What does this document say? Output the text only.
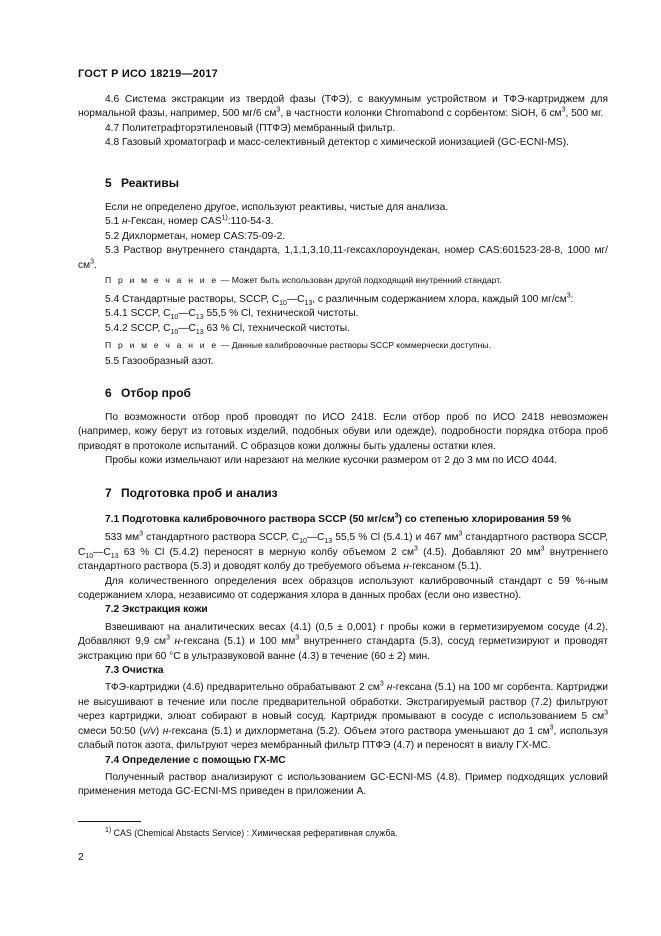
ГОСТ Р ИСО 18219—2017

4.6 Система экстракции из твердой фазы (ТФЭ), с вакуумным устройством и ТФЭ-картриджем для нормальной фазы, например, 500 мг/6 $см^3$, в частности колонки Chromabond с сорбентом: SiOH, 6 $см^3$, 500 мг.

4.7 Политетрафторэтиленовый (ПТФЭ) мембранный фильтр.

4.8 Газовый хроматограф и масс-селективный детектор с химической ионизацией (GC-ECNI-MS).

5 Реактивы

Если не определено другое, используют реактивы, чистые для анализа.

5.1 н-Гексан, номер CAS$^{1)}$:110-54-3.

5.2 Дихлорметан, номер CAS:75-09-2.

5.3 Раствор внутреннего стандарта, 1,1,1,3,10,11-гексахлороундекан, номер CAS:601523-28-8, 1000 $мг/см^3$.

П р и м е ч а н и е — Может быть использован другой подходящий внутренний стандарт.

5.4 Стандартные растворы, SCCP, $C_{10}—C_{13}$, с различным содержанием хлора, каждый 100 $мг/см^3$:

5.4.1 SCCP, $C_{10}—C_{13}$ 55,5 % Cl, технической чистоты.

5.4.2 SCCP, $C_{10}—C_{13}$ 63 % Cl, технической чистоты.

П р и м е ч а н и е — Данные калибровочные растворы SCCP коммерчески доступны.

5.5 Газообразный азот.

6 Отбор проб

По возможности отбор проб проводят по ИСО 2418. Если отбор проб по ИСО 2418 невозможен (например, кожу берут из готовых изделий, подобных обуви или одежде), подробности порядка отбора проб приводят в протоколе испытаний. С образцов кожи должны быть удалены остатки клея.

Пробы кожи измельчают или нарезают на мелкие кусочки размером от 2 до 3 мм по ИСО 4044.

7 Подготовка проб и анализ

7.1 Подготовка калибровочного раствора SCCP (50 $мг/см^3$) со степенью хлорирования 59 %

533 $мм^3$ стандартного раствора SCCP, $C_{10}—C_{13}$ 55,5 % Cl (5.4.1) и 467 $мм^3$ стандартного раствора SCCP, $C_{10}—C_{13}$ 63 % Cl (5.4.2) переносят в мерную колбу объемом 2 $см^3$ (4.5). Добавляют 20 $мм^3$ внутреннего стандартного раствора (5.3) и доводят колбу до требуемого объема н-гексаном (5.1).

Для количественного определения всех образцов используют калибровочный стандарт с 59 %-ным содержанием хлора, независимо от содержания хлора в данных пробах (если оно известно).

7.2 Экстракция кожи

Взвешивают на аналитических весах (4.1) (0,5 ± 0,001) г пробы кожи в герметизируемом сосуде (4.2). Добавляют 9,9 $см^3$ н-гексана (5.1) и 100 $мм^3$ внутреннего стандарта (5.3), сосуд герметизируют и проводят экстракцию при 60 °С в ультразвуковой ванне (4.3) в течение (60 ± 2) мин.

7.3 Очистка

ТФЭ-картриджи (4.6) предварительно обрабатывают 2 $см^3$ н-гексана (5.1) на 100 мг сорбента. Картриджи не высушивают в течение или после предварительной обработки. Экстрагируемый раствор (7.2) фильтруют через картриджи, элюат собирают в новый сосуд. Картридж промывают в сосуде с использованием 5 $см^3$ смеси 50:50 (v/v) н-гексана (5.1) и дихлорметана (5.2). Объем этого раствора уменьшают до 1 $см^3$, используя слабый поток азота, фильтруют через мембранный фильтр ПТФЭ (4.7) и переносят в виалу ГХ-МС.

7.4 Определение с помощью ГХ-МС

Полученный раствор анализируют с использованием GC-ECNI-MS (4.8). Пример подходящих условий применения метода GC-ECNI-MS приведен в приложении А.

$^{1)}$ CAS (Chemical Abstacts Service) : Химическая реферативная служба.
2
